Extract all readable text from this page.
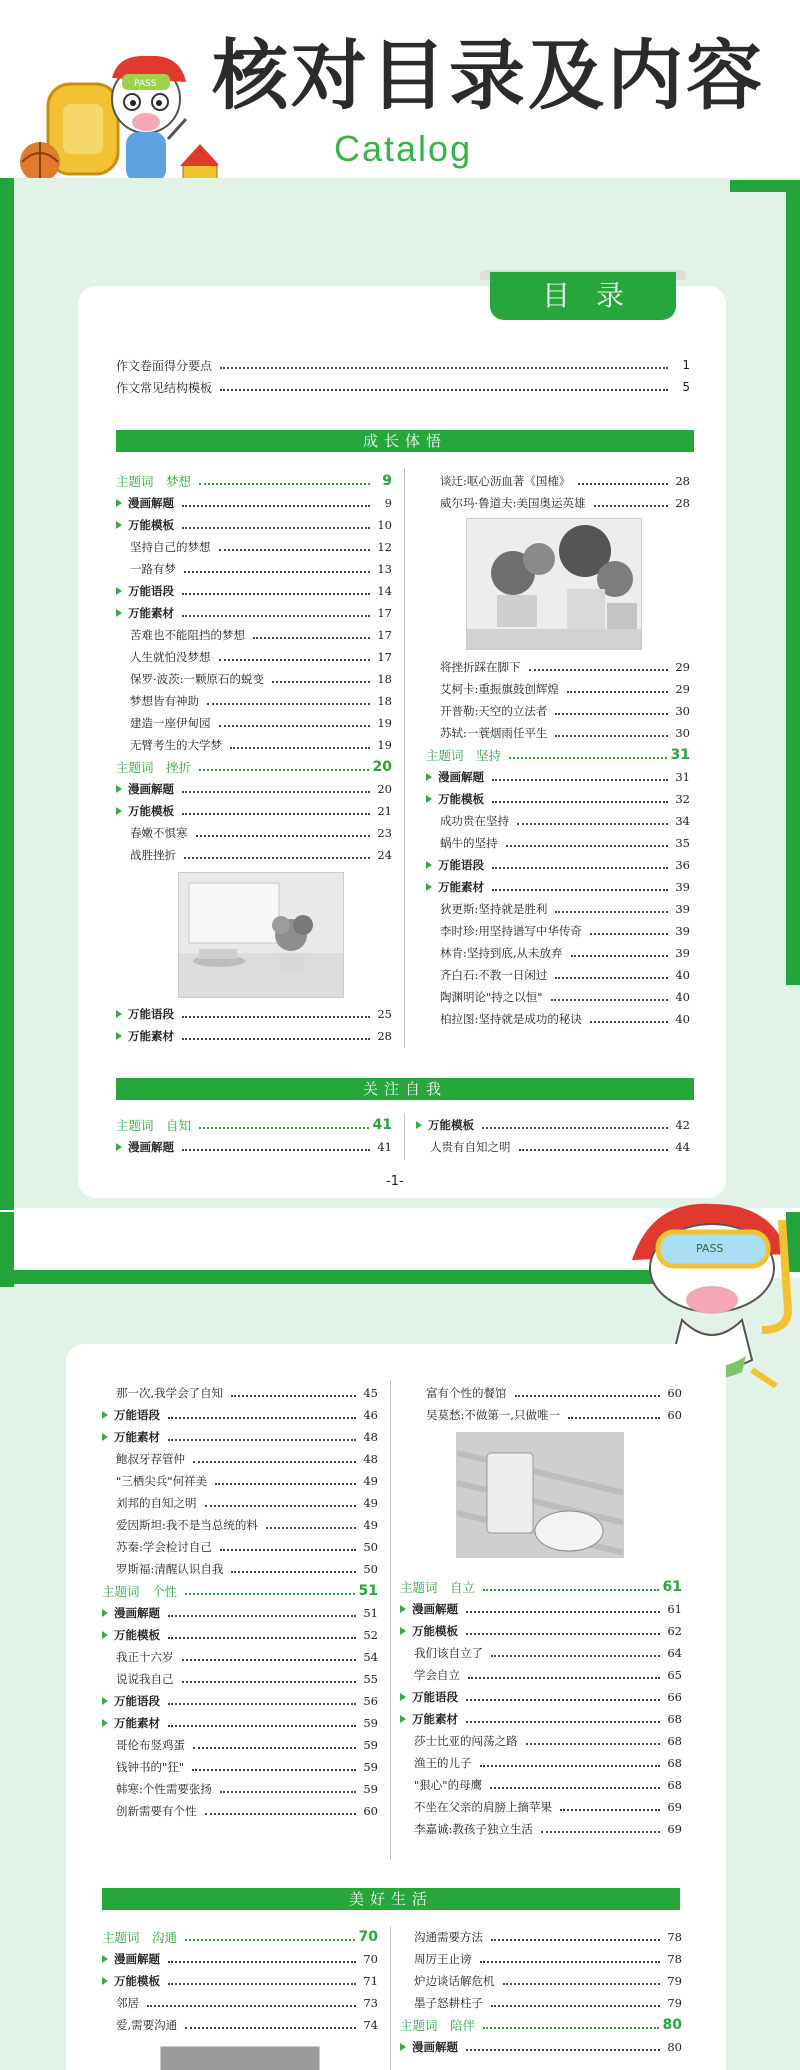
PASS 核对目录及内容
Catalog
目录
作文卷面得分要点	1
作文常见结构模板	5
成长体悟
主题词　梦想	9
漫画解题	9
万能模板	10
坚持自己的梦想	12
一路有梦	13
万能语段	14
万能素材	17
苦难也不能阻挡的梦想	17
人生就怕没梦想	17
保罗·波茨:一颗原石的蜕变	18
梦想皆有神助	18
建造一座伊甸园	19
无臂考生的大学梦	19
主题词　挫折	20
漫画解题	20
万能模板	21
春嫩不惧寒	23
战胜挫折	24
万能语段	25
万能素材	28
谈迁:呕心沥血著《国榷》	28
威尔玛·鲁道夫:美国奥运英雄	28
将挫折踩在脚下	29
艾柯卡:重振旗鼓创辉煌	29
开普勒:天空的立法者	30
苏轼:一蓑烟雨任平生	30
主题词　坚持	31
漫画解题	31
万能模板	32
成功贵在坚持	34
蜗牛的坚持	35
万能语段	36
万能素材	39
狄更斯:坚持就是胜利	39
李时珍:用坚持谱写中华传奇	39
林肯:坚持到底,从未放弃	39
齐白石:不教一日闲过	40
陶渊明论"持之以恒"	40
柏拉图:坚持就是成功的秘诀	40
关注自我
主题词　自知	41
漫画解题	41
万能模板	42
人贵有自知之明	44
-1-
PASS
那一次,我学会了自知	45
万能语段	46
万能素材	48
鲍叔牙荐管仲	48
"三栖尖兵"何祥美	49
刘邦的自知之明	49
爱因斯坦:我不是当总统的料	49
苏秦:学会检讨自己	50
罗斯福:清醒认识自我	50
主题词　个性	51
漫画解题	51
万能模板	52
我正十六岁	54
说说我自己	55
万能语段	56
万能素材	59
哥伦布竖鸡蛋	59
钱钟书的"狂"	59
韩寒:个性需要张扬	59
创新需要有个性	60
富有个性的餐馆	60
吴莫愁:不做第一,只做唯一	60
主题词　自立	61
漫画解题	61
万能模板	62
我们该自立了	64
学会自立	65
万能语段	66
万能素材	68
莎士比亚的闯荡之路	68
渔王的儿子	68
"狠心"的母鹰	68
不坐在父亲的肩膀上摘苹果	69
李嘉诚:教孩子独立生活	69
美好生活
主题词　沟通	70
漫画解题	70
万能模板	71
邻居	73
爱,需要沟通	74
沟通需要方法	78
周厉王止谤	78
炉边谈话解危机	79
墨子怒耕柱子	79
主题词　陪伴	80
漫画解题	80
